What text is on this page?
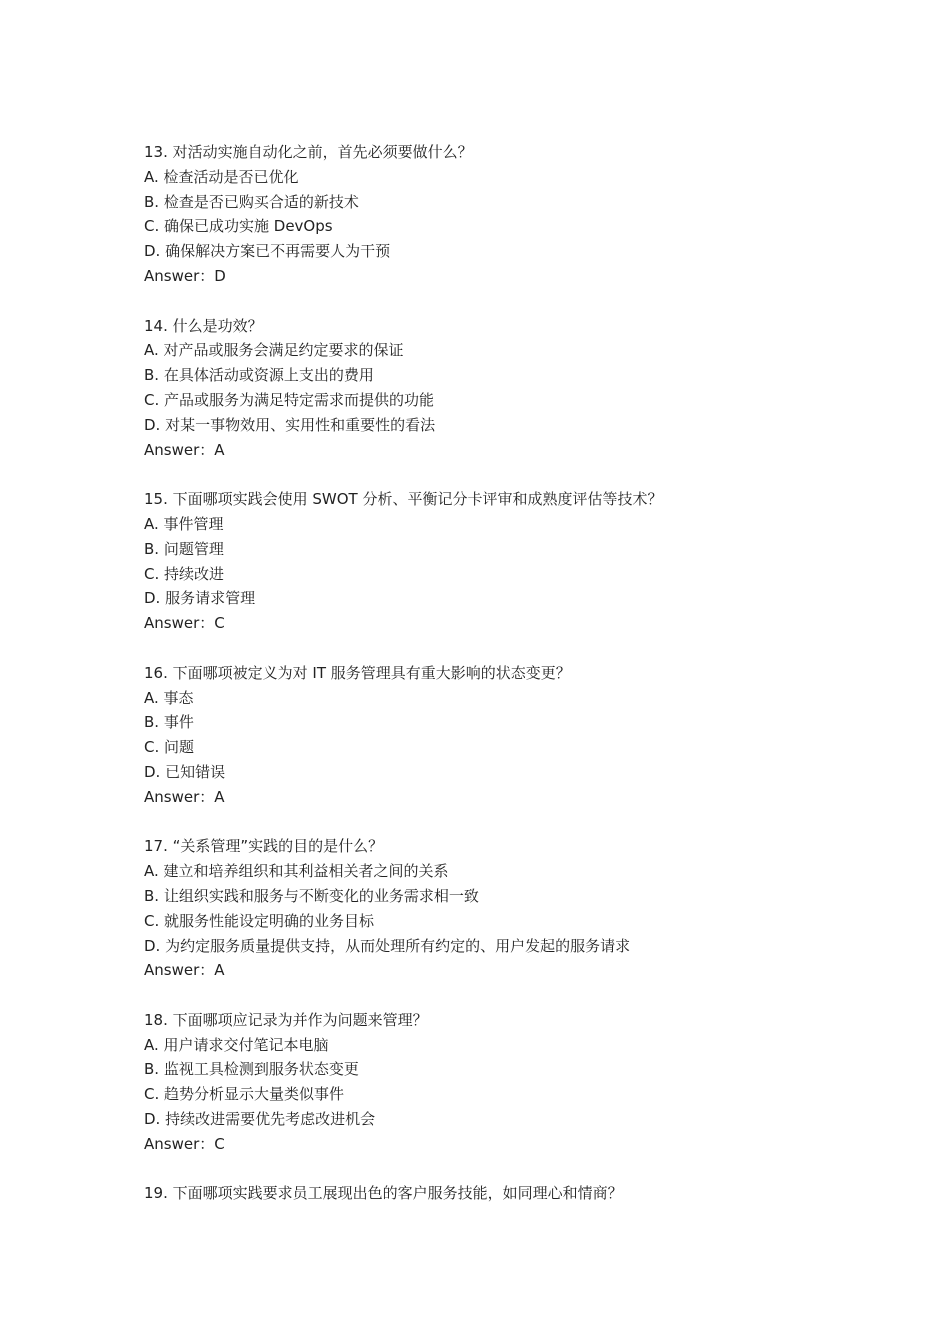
13. 对活动实施自动化之前，首先必须要做什么？
A. 检查活动是否已优化
B. 检查是否已购买合适的新技术
C. 确保已成功实施 DevOps
D. 确保解决方案已不再需要人为干预
Answer：D
14. 什么是功效？
A. 对产品或服务会满足约定要求的保证
B. 在具体活动或资源上支出的费用
C. 产品或服务为满足特定需求而提供的功能
D. 对某一事物效用、实用性和重要性的看法
Answer：A
15. 下面哪项实践会使用 SWOT 分析、平衡记分卡评审和成熟度评估等技术？
A. 事件管理
B. 问题管理
C. 持续改进
D. 服务请求管理
Answer：C
16. 下面哪项被定义为对 IT 服务管理具有重大影响的状态变更？
A. 事态
B. 事件
C. 问题
D. 已知错误
Answer：A
17. “关系管理”实践的目的是什么？
A. 建立和培养组织和其利益相关者之间的关系
B. 让组织实践和服务与不断变化的业务需求相一致
C. 就服务性能设定明确的业务目标
D. 为约定服务质量提供支持，从而处理所有约定的、用户发起的服务请求
Answer：A
18. 下面哪项应记录为并作为问题来管理？
A. 用户请求交付笔记本电脑
B. 监视工具检测到服务状态变更
C. 趋势分析显示大量类似事件
D. 持续改进需要优先考虑改进机会
Answer：C
19. 下面哪项实践要求员工展现出色的客户服务技能，如同理心和情商？
